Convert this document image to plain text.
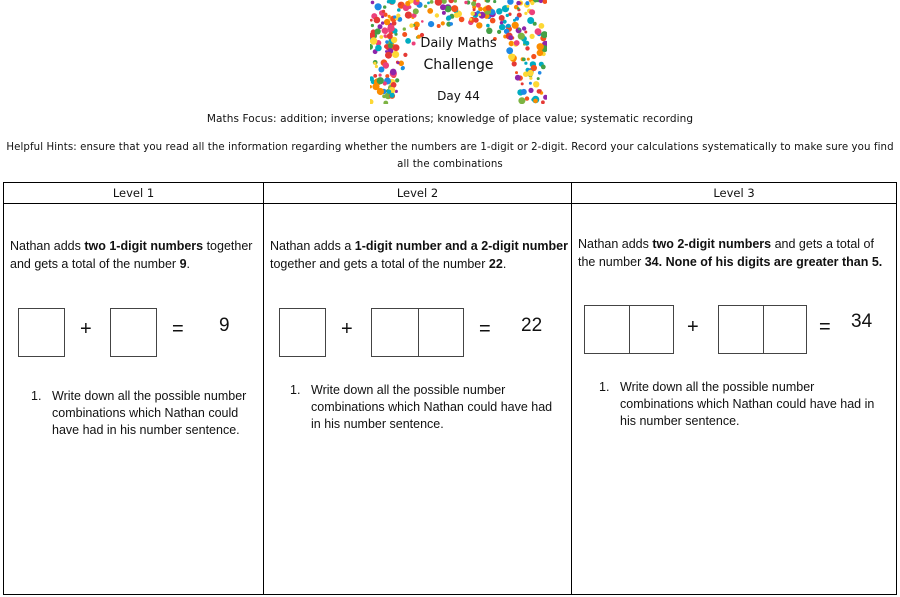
Daily Maths
Challenge
Day 44
Maths Focus: addition; inverse operations; knowledge of place value; systematic recording
Helpful Hints: ensure that you read all the information regarding whether the numbers are 1-digit or 2-digit. Record your calculations systematically to make sure you find all the combinations
Level 1
Nathan adds two 1-digit numbers together and gets a total of the number 9.
+	= 9
1. Write down all the possible number combinations which Nathan could have had in his number sentence.
Level 2
Nathan adds a 1-digit number and a 2-digit number together and gets a total of the number 22.
+	= 22
1. Write down all the possible number combinations which Nathan could have had in his number sentence.
Level 3
Nathan adds two 2-digit numbers and gets a total of the number 34. None of his digits are greater than 5.
+	= 34
1. Write down all the possible number combinations which Nathan could have had in his number sentence.
